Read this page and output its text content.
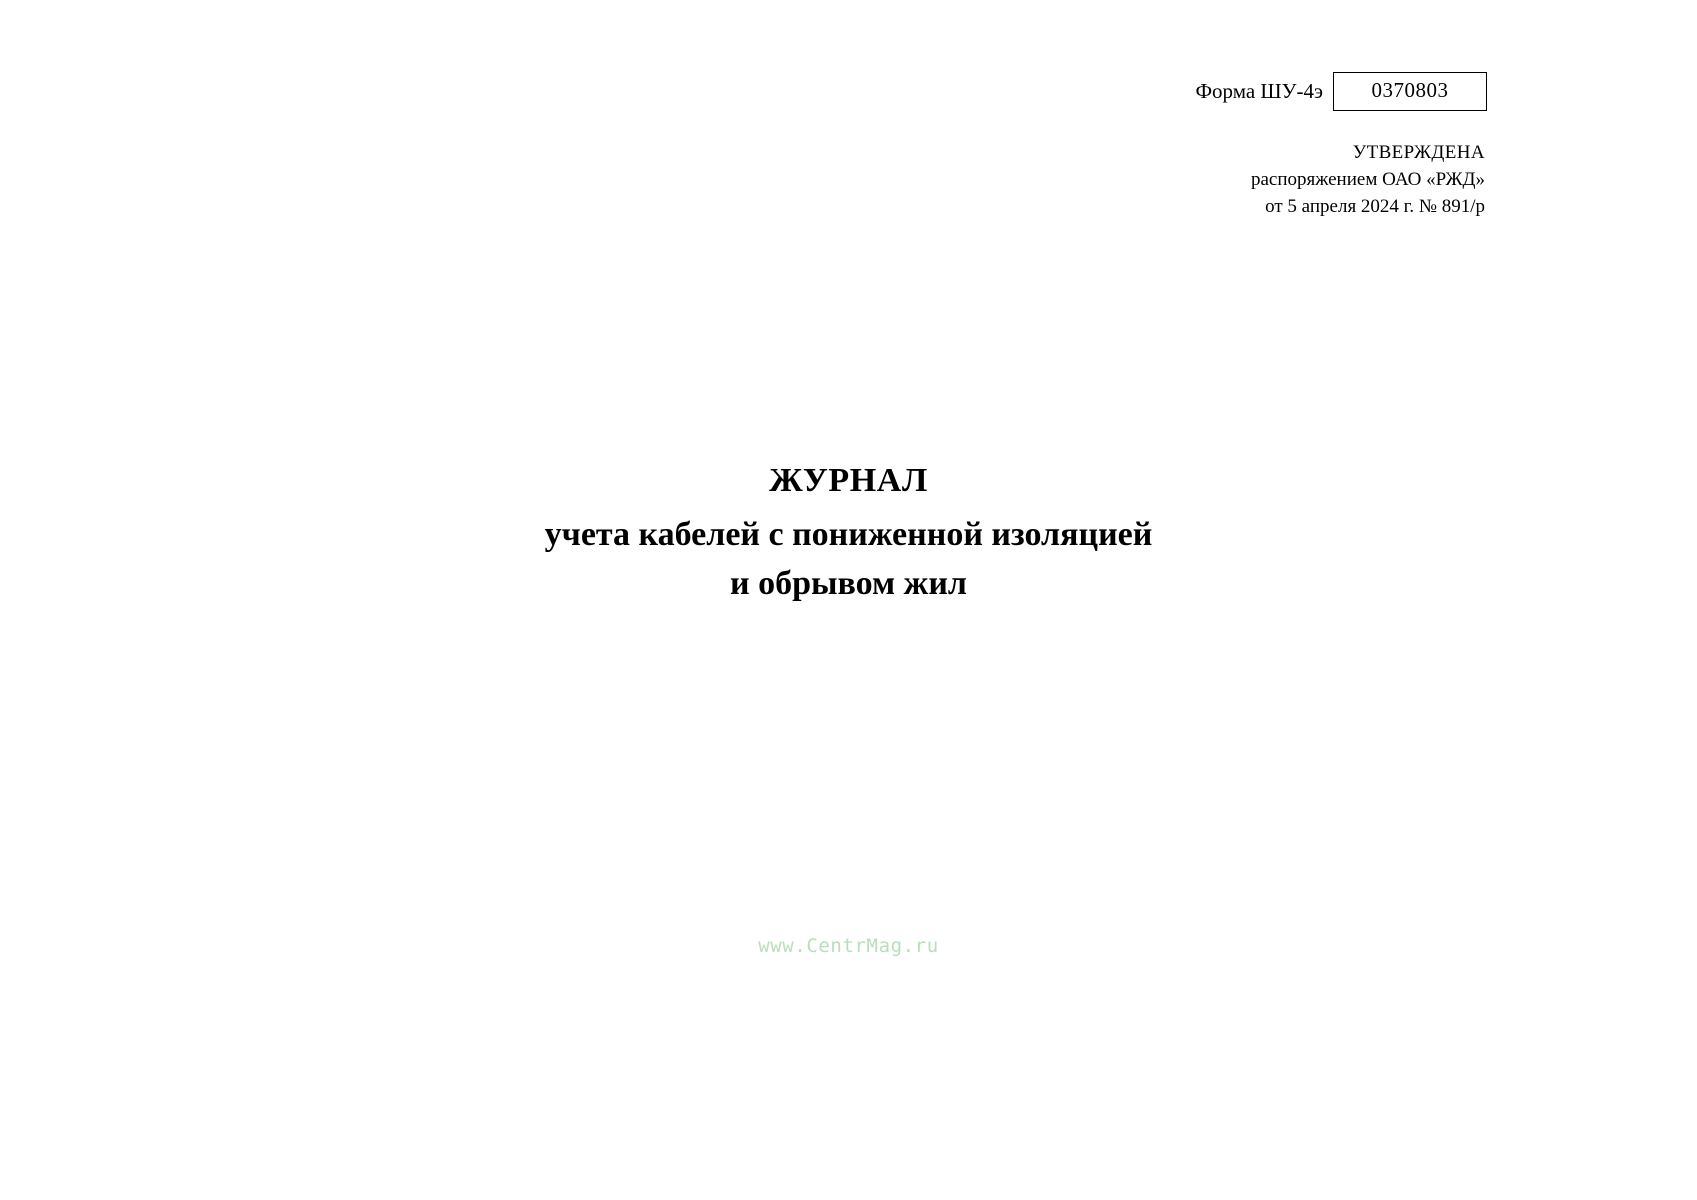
Форма ШУ-4э	0370803
УТВЕРЖДЕНА
распоряжением ОАО «РЖД»
от 5 апреля 2024 г. № 891/р
ЖУРНАЛ
учета кабелей с пониженной изоляцией
и обрывом жил
www.CentrMag.ru
